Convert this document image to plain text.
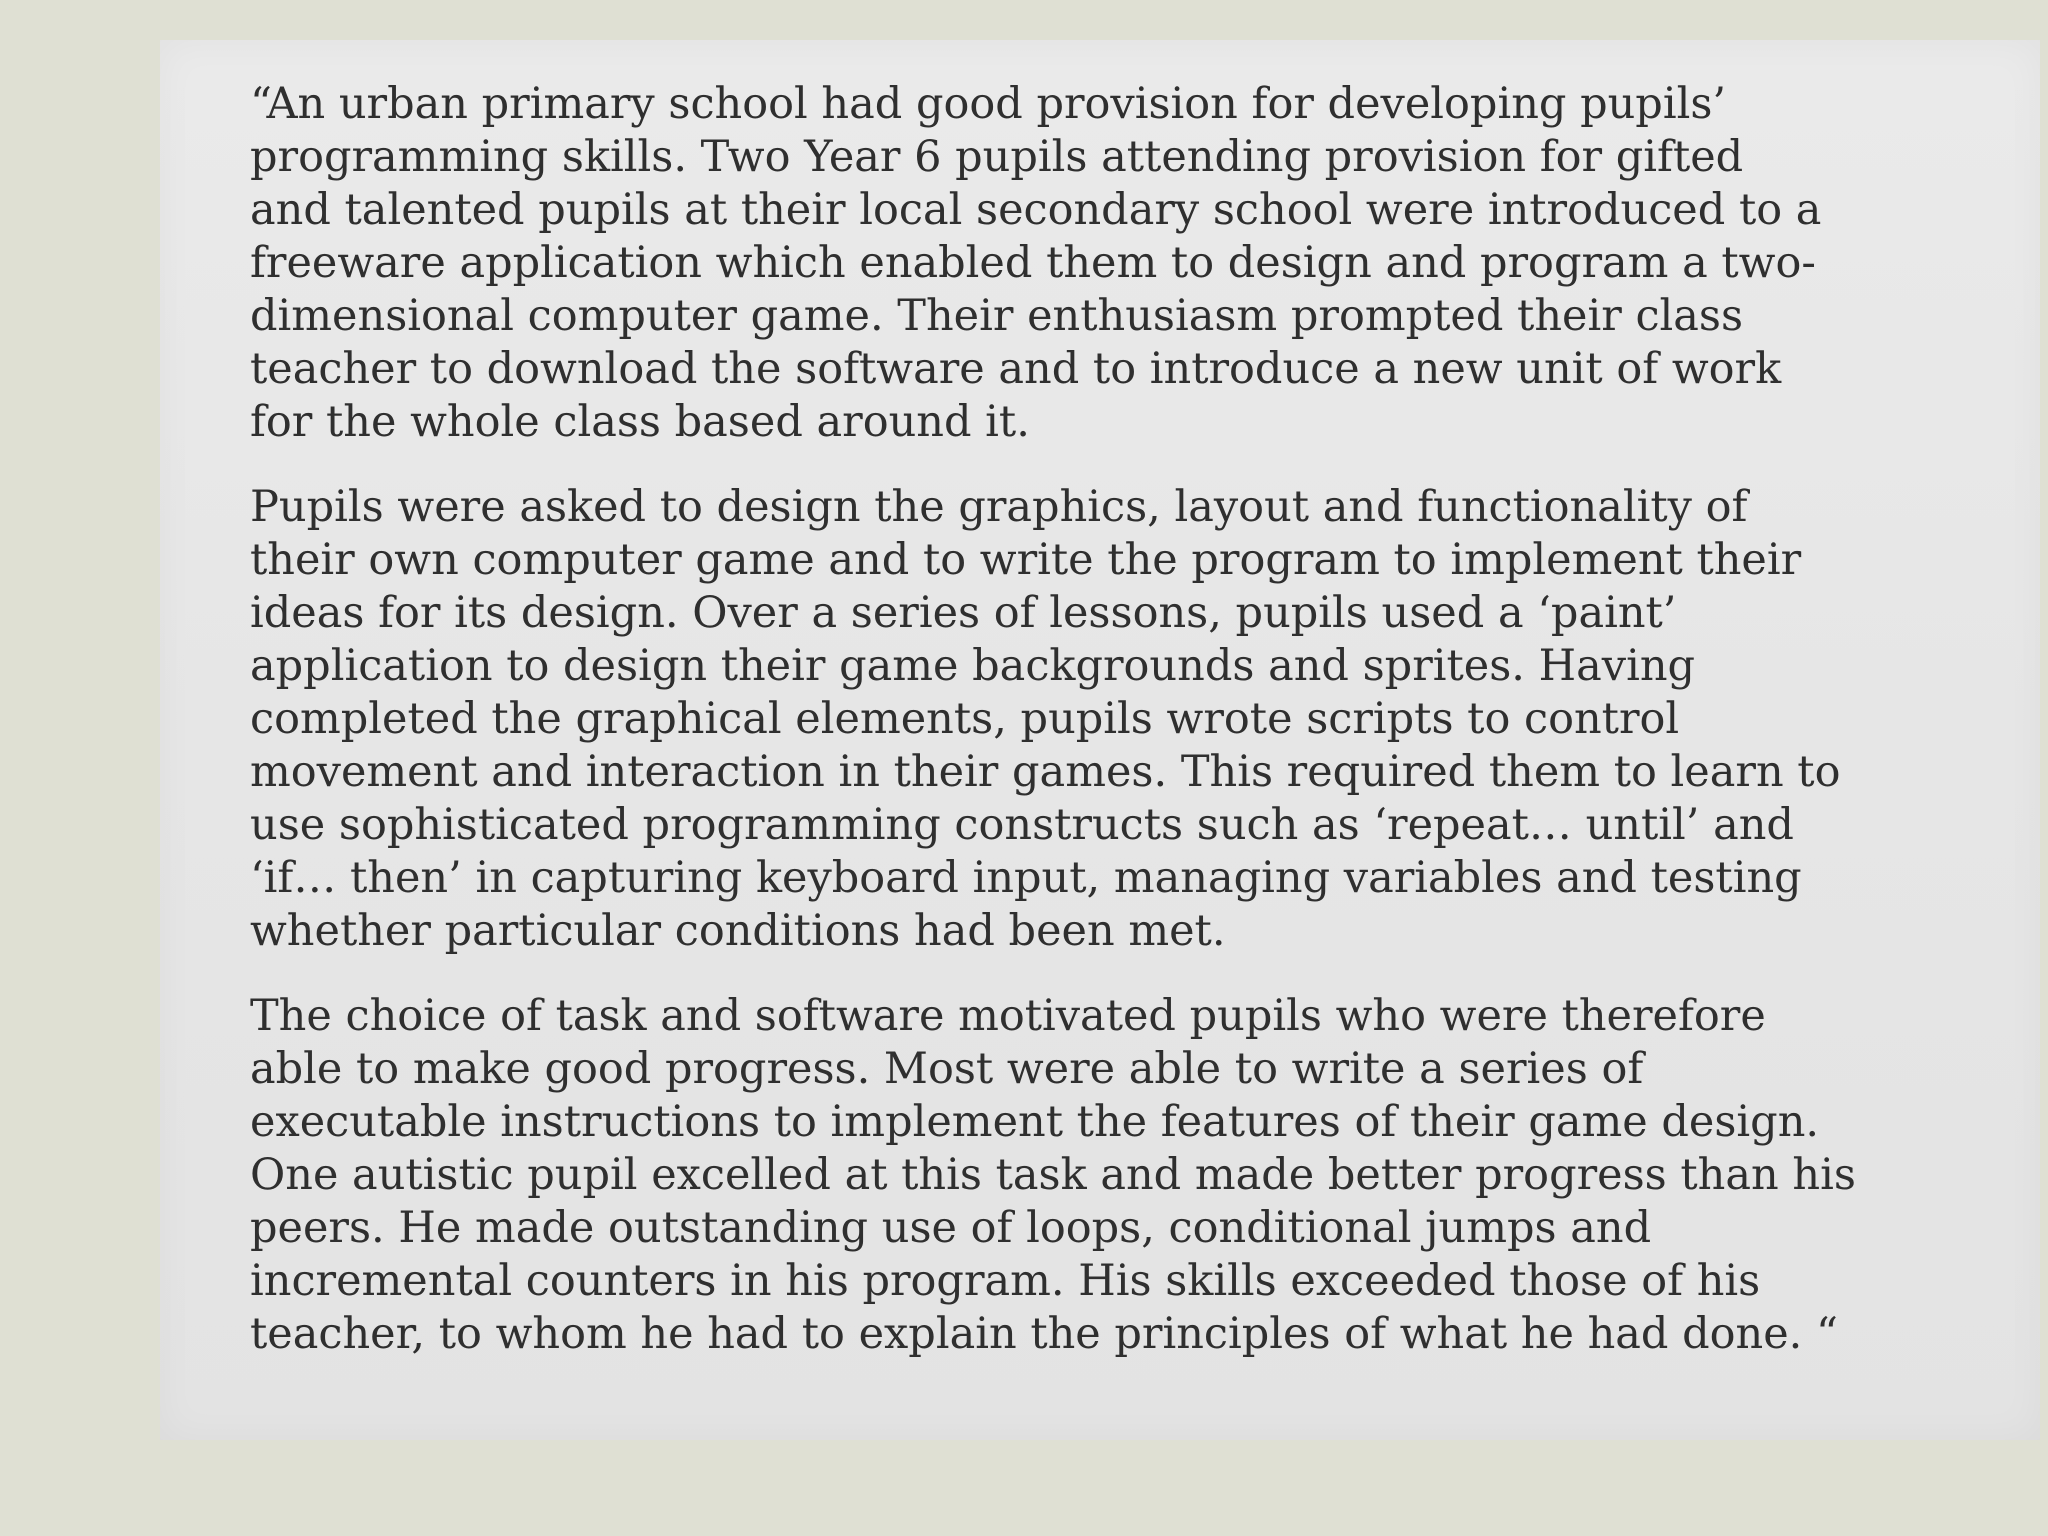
“An urban primary school had good provision for developing pupils’
programming skills. Two Year 6 pupils attending provision for gifted
and talented pupils at their local secondary school were introduced to a
freeware application which enabled them to design and program a two-
dimensional computer game. Their enthusiasm prompted their class
teacher to download the software and to introduce a new unit of work
for the whole class based around it.

Pupils were asked to design the graphics, layout and functionality of
their own computer game and to write the program to implement their
ideas for its design. Over a series of lessons, pupils used a ‘paint’
application to design their game backgrounds and sprites. Having
completed the graphical elements, pupils wrote scripts to control
movement and interaction in their games. This required them to learn to
use sophisticated programming constructs such as ‘repeat… until’ and
‘if… then’ in capturing keyboard input, managing variables and testing
whether particular conditions had been met.

The choice of task and software motivated pupils who were therefore
able to make good progress. Most were able to write a series of
executable instructions to implement the features of their game design.
One autistic pupil excelled at this task and made better progress than his
peers. He made outstanding use of loops, conditional jumps and
incremental counters in his program. His skills exceeded those of his
teacher, to whom he had to explain the principles of what he had done. “
